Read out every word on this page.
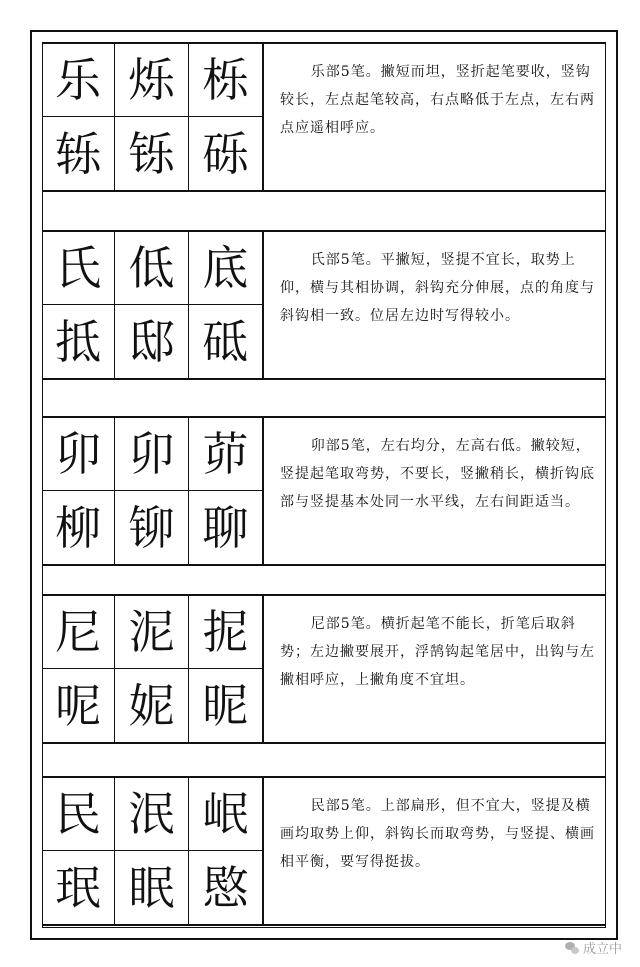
乐 烁 栎
轹 铄 砾
乐部5笔。撇短而坦，竖折起笔要收，竖钩较长，左点起笔较高，右点略低于左点，左右两点应遥相呼应。
氏 低 底
抵 邸 砥
氏部5笔。平撇短，竖提不宜长，取势上仰，横与其相协调，斜钩充分伸展，点的角度与斜钩相一致。位居左边时写得较小。
卯 卯 茆
柳 铆 聊
卯部5笔，左右均分，左高右低。撇较短，竖提起笔取弯势，不要长，竖撇稍长，横折钩底部与竖提基本处同一水平线，左右间距适当。
尼 泥 抳
呢 妮 昵
尼部5笔。横折起笔不能长，折笔后取斜势；左边撇要展开，浮鹄钩起笔居中，出钩与左撇相呼应，上撇角度不宜坦。
民 泯 岷
珉 眠 愍
民部5笔。上部扁形，但不宜大，竖提及横画均取势上仰，斜钩长而取弯势，与竖提、横画相平衡，要写得挺拔。
成立中
